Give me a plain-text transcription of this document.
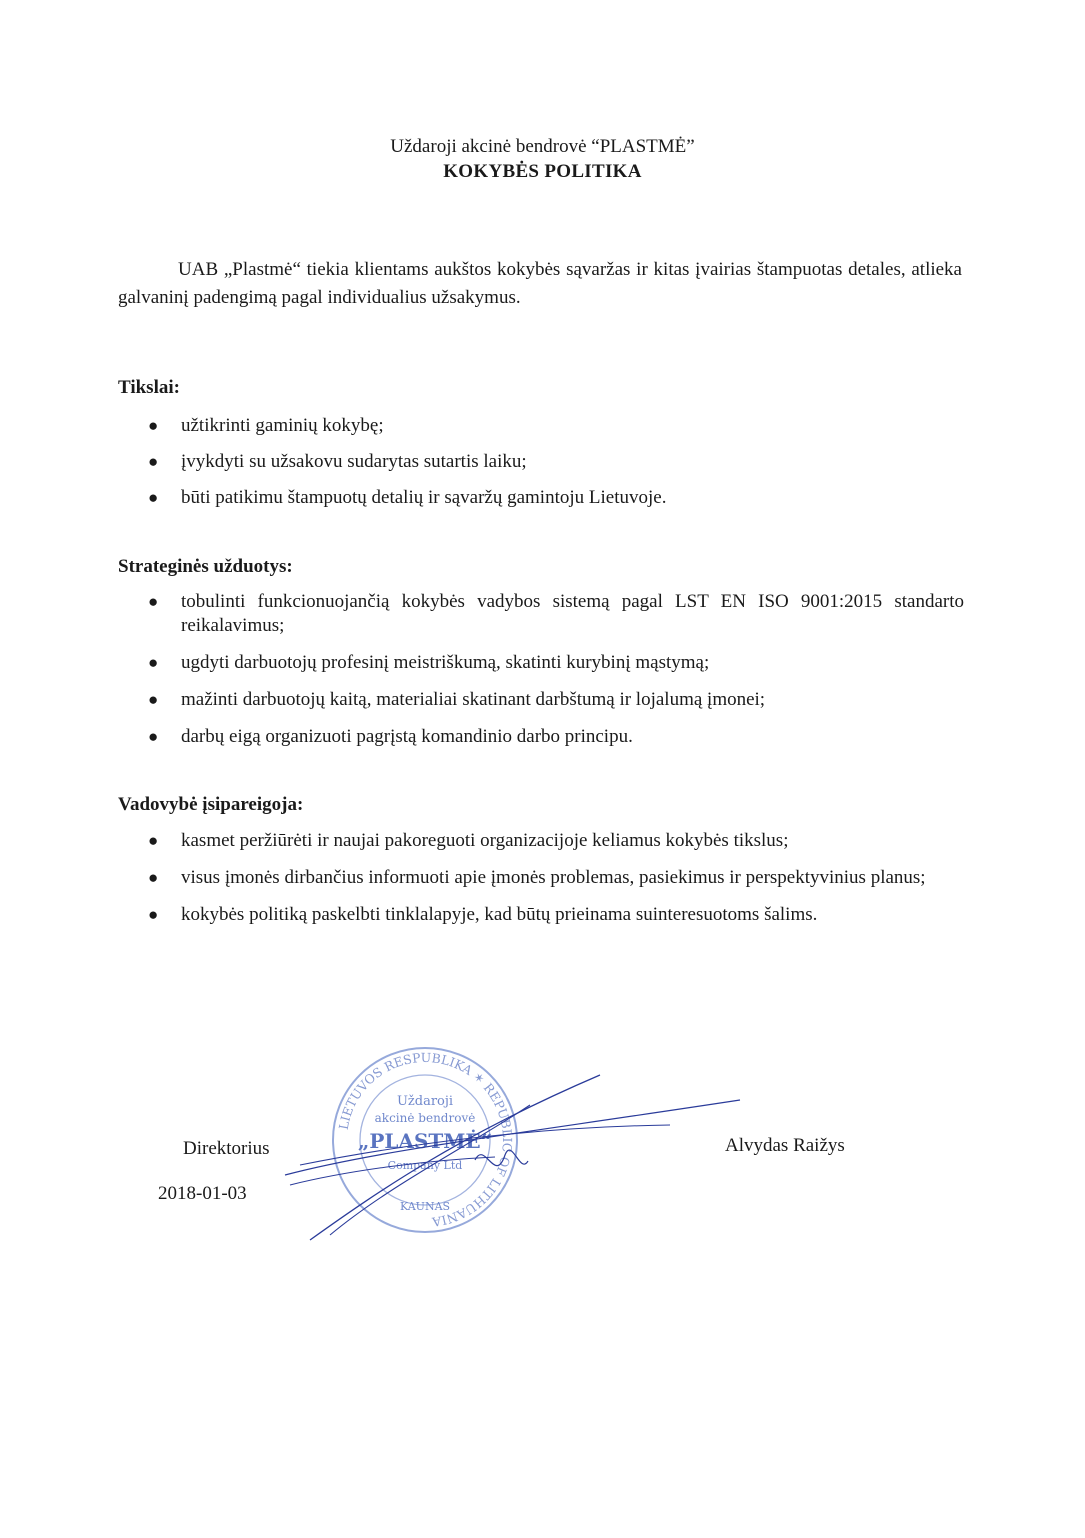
Uždaroji akcinė bendrovė “PLASTMĖ”
KOKYBĖS POLITIKA

UAB „Plastmė“ tiekia klientams aukštos kokybės sąvaržas ir kitas įvairias štampuotas detales, atlieka galvaninį padengimą pagal individualius užsakymus.

Tikslai:
● užtikrinti gaminių kokybę;
● įvykdyti su užsakovu sudarytas sutartis laiku;
● būti patikimu štampuotų detalių ir sąvaržų gamintoju Lietuvoje.
Strateginės užduotys:
● tobulinti funkcionuojančią kokybės vadybos sistemą pagal LST EN ISO 9001:2015 standarto reikalavimus;
● ugdyti darbuotojų profesinį meistriškumą, skatinti kurybinį mąstymą;
● mažinti darbuotojų kaitą, materialiai skatinant darbštumą ir lojalumą įmonei;
● darbų eigą organizuoti pagrįstą komandinio darbo principu.
Vadovybė įsipareigoja:
● kasmet peržiūrėti ir naujai pakoreguoti organizacijoje keliamus kokybės tikslus;
● visus įmonės dirbančius informuoti apie įmonės problemas, pasiekimus ir perspektyvinius planus;
● kokybės politiką paskelbti tinklalapyje, kad būtų prieinama suinteresuotoms šalims.
Direktorius
2018-01-03
Alvydas Raižys
LIETUVOS RESPUBLIKA ✶ REPUBLIC OF LITHUANIA
Uždaroji
akcinė bendrovė
„PLASTMĖ“
Company Ltd
KAUNAS
